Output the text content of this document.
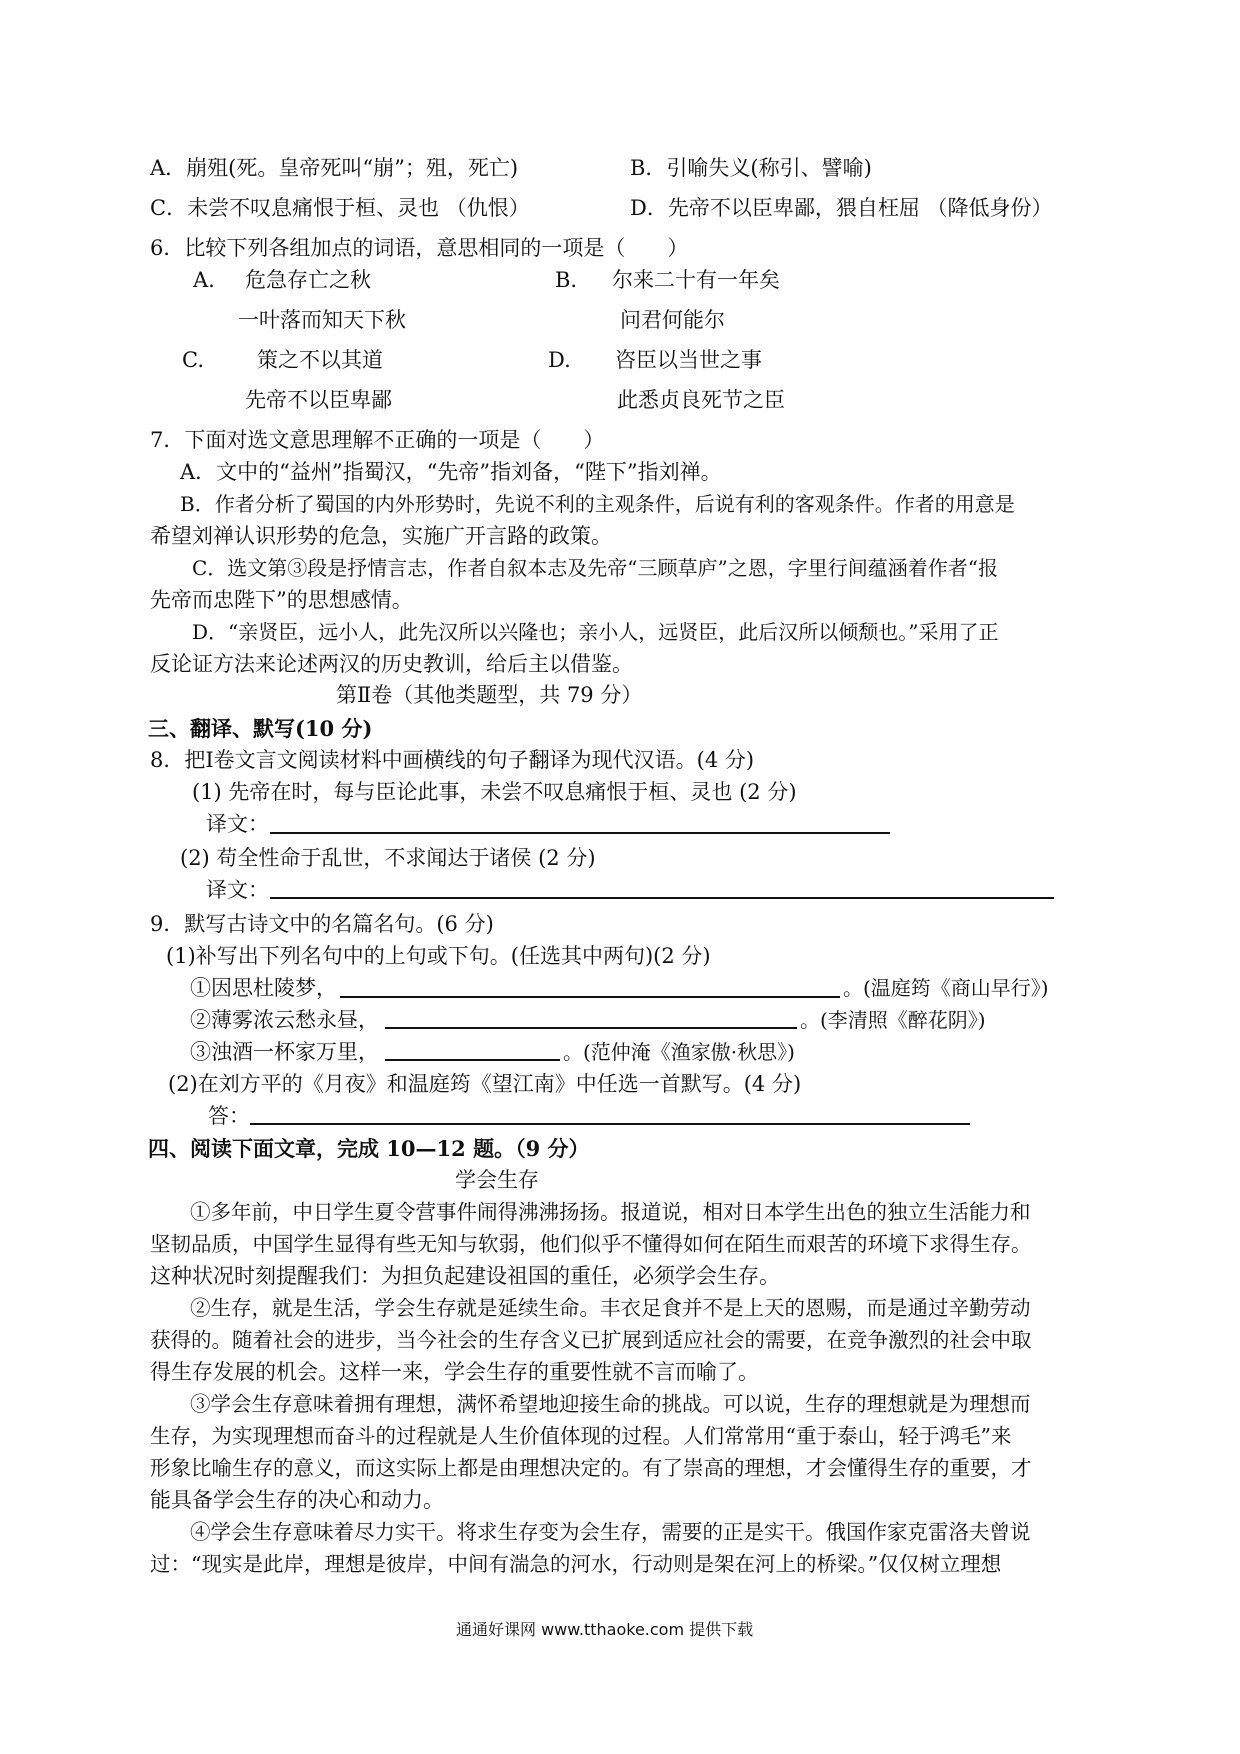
A．崩殂(死。皇帝死叫“崩”；殂，死亡)	B．引喻失义(称引、譬喻)
C．未尝不叹息痛恨于桓、灵也 （仇恨）	D．先帝不以臣卑鄙，猥自枉屈 （降低身份）
6．比较下列各组加点的词语，意思相同的一项是（　　）
A. 危急存亡之秋	B. 尔来二十有一年矣
一叶落而知天下秋	问君何能尔
C.	策之不以其道	D. 咨臣以当世之事
先帝不以臣卑鄙	此悉贞良死节之臣
7．下面对选文意思理解不正确的一项是（　　）
A．文中的“益州”指蜀汉，“先帝”指刘备，“陛下”指刘禅。
B．作者分析了蜀国的内外形势时，先说不利的主观条件，后说有利的客观条件。作者的用意是
希望刘禅认识形势的危急，实施广开言路的政策。
C．选文第③段是抒情言志，作者自叙本志及先帝“三顾草庐”之恩，字里行间蕴涵着作者“报
先帝而忠陛下”的思想感情。
D．“亲贤臣，远小人，此先汉所以兴隆也；亲小人，远贤臣，此后汉所以倾颓也。”采用了正
反论证方法来论述两汉的历史教训，给后主以借鉴。
第Ⅱ卷（其他类题型，共 79 分）
三、翻译、默写(10 分)
8．把Ⅰ卷文言文阅读材料中画横线的句子翻译为现代汉语。(4 分)
(1) 先帝在时，每与臣论此事，未尝不叹息痛恨于桓、灵也 (2 分)
译文：
(2) 苟全性命于乱世，不求闻达于诸侯 (2 分)
译文：
9．默写古诗文中的名篇名句。(6 分)
(1)补写出下列名句中的上句或下句。(任选其中两句)(2 分)
①因思杜陵梦，	。(温庭筠《商山早行》)
②薄雾浓云愁永昼，	。(李清照《醉花阴》)
③浊酒一杯家万里，	。(范仲淹《渔家傲·秋思》)
(2)在刘方平的《月夜》和温庭筠《望江南》中任选一首默写。(4 分)
答：
四、阅读下面文章，完成 10—12 题。（9 分）
学会生存
①多年前，中日学生夏令营事件闹得沸沸扬扬。报道说，相对日本学生出色的独立生活能力和
坚韧品质，中国学生显得有些无知与软弱，他们似乎不懂得如何在陌生而艰苦的环境下求得生存。
这种状况时刻提醒我们：为担负起建设祖国的重任，必须学会生存。
②生存，就是生活，学会生存就是延续生命。丰衣足食并不是上天的恩赐，而是通过辛勤劳动
获得的。随着社会的进步，当今社会的生存含义已扩展到适应社会的需要，在竞争激烈的社会中取
得生存发展的机会。这样一来，学会生存的重要性就不言而喻了。
③学会生存意味着拥有理想，满怀希望地迎接生命的挑战。可以说，生存的理想就是为理想而
生存，为实现理想而奋斗的过程就是人生价值体现的过程。人们常常用“重于泰山，轻于鸿毛”来
形象比喻生存的意义，而这实际上都是由理想决定的。有了崇高的理想，才会懂得生存的重要，才
能具备学会生存的决心和动力。
④学会生存意味着尽力实干。将求生存变为会生存，需要的正是实干。俄国作家克雷洛夫曾说
过：“现实是此岸，理想是彼岸，中间有湍急的河水，行动则是架在河上的桥梁。”仅仅树立理想
通通好课网 www.tthaoke.com 提供下载
